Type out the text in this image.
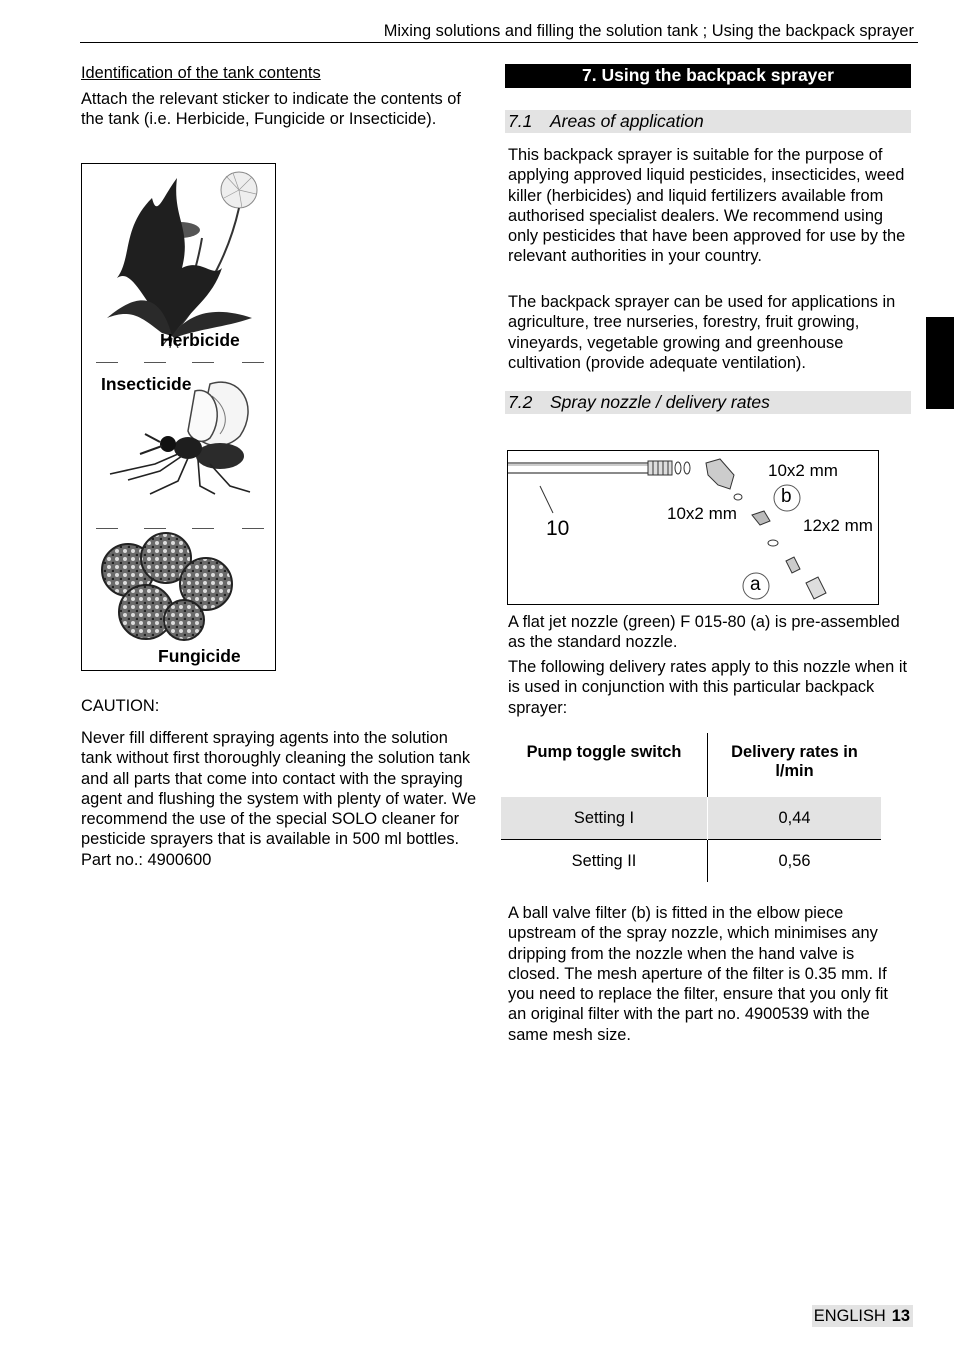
Mixing solutions and filling the solution tank ; Using the backpack sprayer
Identification of the tank contents

Attach the relevant sticker to indicate the contents of the tank (i.e. Herbicide, Fungicide or Insecticide).

Herbicide
Insecticide
Fungicide
CAUTION:

Never fill different spraying agents into the solution tank without first thoroughly cleaning the solution tank and all parts that come into contact with the spraying agent and flushing the system with plenty of water. We recommend the use of the special SOLO cleaner for pesticide sprayers that is available in 500 ml bottles. Part no.: 4900600

7. Using the backpack sprayer
7.1 Areas of application

This backpack sprayer is suitable for the purpose of applying approved liquid pesticides, insecticides, weed killer (herbicides) and liquid fertilizers available from authorised specialist dealers. We recommend using only pesticides that have been approved for use by the relevant authorities in your country.

The backpack sprayer can be used for applications in agriculture, tree nurseries, forestry, fruit growing, vineyards, vegetable growing and greenhouse cultivation (provide adequate ventilation).

7.2 Spray nozzle / delivery rates
10
10x2 mm
10x2 mm
12x2 mm
b
a

A flat jet nozzle (green) F 015-80 (a) is pre-assembled as the standard nozzle.

The following delivery rates apply to this nozzle when it is used in conjunction with this particular backpack sprayer:

Pump toggle switch	Delivery rates in l/min
Setting I	0,44
Setting II	0,56

A ball valve filter (b) is fitted in the elbow piece upstream of the spray nozzle, which minimises any dripping from the nozzle when the hand valve is closed. The mesh aperture of the filter is 0.35 mm. If you need to replace the filter, ensure that you only fit an original filter with the part no. 4900539 with the same mesh size.

ENGLISH 13
